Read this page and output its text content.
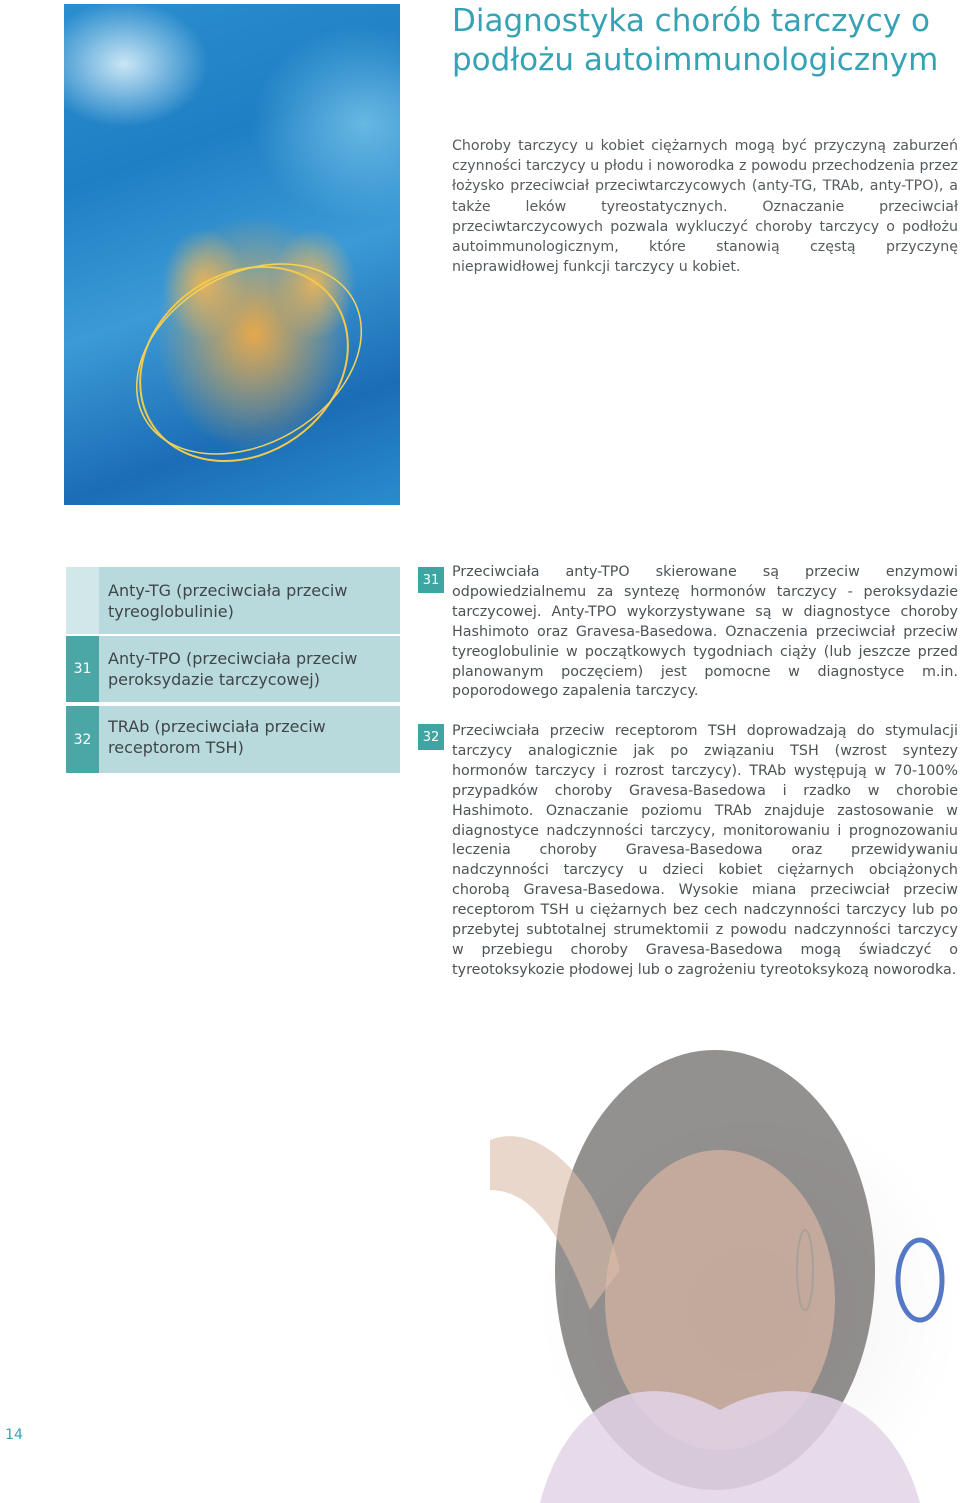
Diagnostyka chorób tarczycy o podłożu autoimmunologicznym

Choroby tarczycy u kobiet ciężarnych mogą być przyczyną zaburzeń czynności tarczycy u płodu i noworodka z powodu przechodzenia przez łożysko przeciwciał przeciwtarczycowych (anty-TG, TRAb, anty-TPO), a także leków tyreostatycznych. Oznaczanie przeciwciał przeciwtarczycowych pozwala wykluczyć choroby tarczycy o podłożu autoimmunologicznym, które stanowią częstą przyczynę nieprawidłowej funkcji tarczycy u kobiet.

Anty-TG (przeciwciała przeciw tyreoglobulinie)
31
Anty-TPO (przeciwciała przeciw peroksydazie tarczycowej)
32
TRAb (przeciwciała przeciw receptorom TSH)
31 Przeciwciała anty-TPO skierowane są przeciw enzymowi odpowiedzialnemu za syntezę hormonów tarczycy - peroksydazie tarczycowej. Anty-TPO wykorzystywane są w diagnostyce choroby Hashimoto oraz Gravesa-Basedowa. Oznaczenia przeciwciał przeciw tyreoglobulinie w początkowych tygodniach ciąży (lub jeszcze przed planowanym poczęciem) jest pomocne w diagnostyce m.in. poporodowego zapalenia tarczycy.

32 Przeciwciała przeciw receptorom TSH doprowadzają do stymulacji tarczycy analogicznie jak po związaniu TSH (wzrost syntezy hormonów tarczycy i rozrost tarczycy). TRAb występują w 70-100% przypadków choroby Gravesa-Basedowa i rzadko w chorobie Hashimoto. Oznaczanie poziomu TRAb znajduje zastosowanie w diagnostyce nadczynności tarczycy, monitorowaniu i prognozowaniu leczenia choroby Gravesa-Basedowa oraz przewidywaniu nadczynności tarczycy u dzieci kobiet ciężarnych obciążonych chorobą Gravesa-Basedowa. Wysokie miana przeciwciał przeciw receptorom TSH u ciężarnych bez cech nadczynności tarczycy lub po przebytej subtotalnej strumektomii z powodu nadczynności tarczycy w przebiegu choroby Gravesa-Basedowa mogą świadczyć o tyreotoksykozie płodowej lub o zagrożeniu tyreotoksykozą noworodka.

14
